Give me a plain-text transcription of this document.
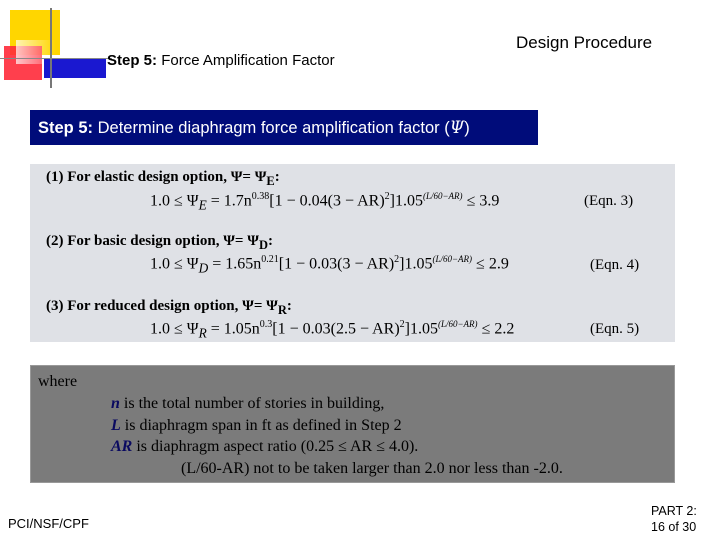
Step 5: Force Amplification Factor
Design Procedure
Step 5: Determine diaphragm force amplification factor (Ψ)
(1) For elastic design option, $\Psi= \Psi_E$:
$1.0 \le \Psi_E = 1.7n^{0.38}[1 - 0.04(3 - AR)^2]1.05^{(L/60-AR)} \le 3.9$	(Eqn. 3)
(2) For basic design option, $\Psi= \Psi_D$:
$1.0 \le \Psi_D = 1.65n^{0.21}[1 - 0.03(3 - AR)^2]1.05^{(L/60-AR)} \le 2.9$	(Eqn. 4)
(3) For reduced design option, $\Psi= \Psi_R$:
$1.0 \le \Psi_R = 1.05n^{0.3}[1 - 0.03(2.5 - AR)^2]1.05^{(L/60-AR)} \le 2.2$	(Eqn. 5)
where
n is the total number of stories in building,
L is diaphragm span in ft as defined in Step 2
AR is diaphragm aspect ratio (0.25 ≤ AR ≤ 4.0).
(L/60-AR) not to be taken larger than 2.0 nor less than -2.0.
PCI/NSF/CPF
PART 2:
16 of 30
